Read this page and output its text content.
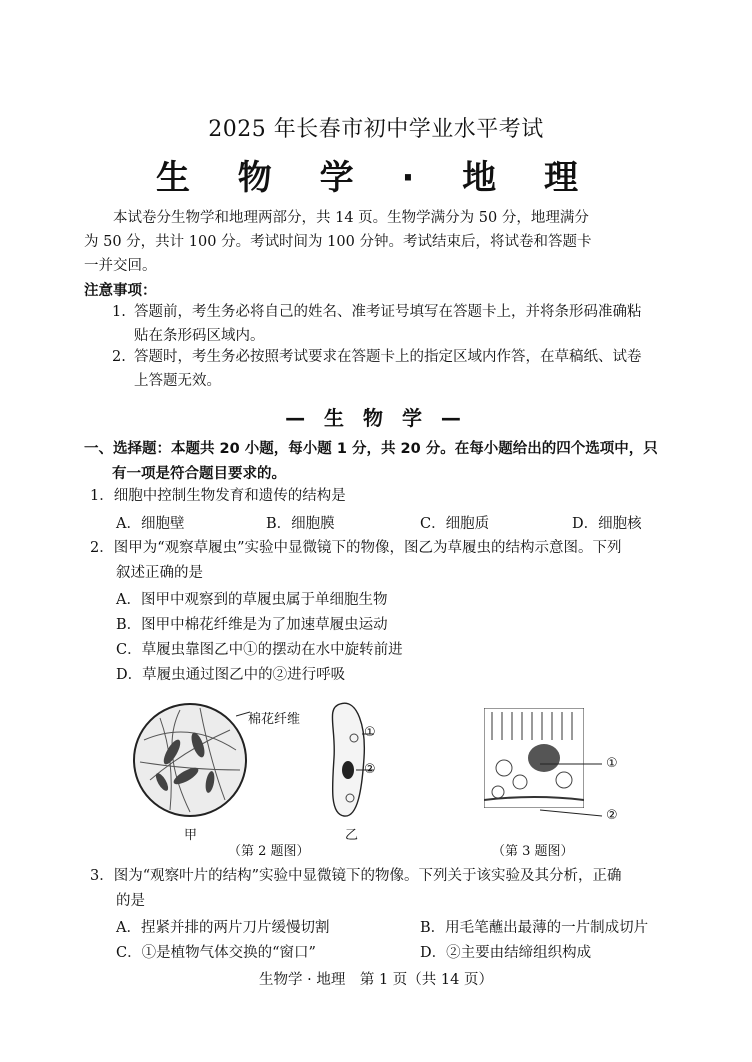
2025 年长春市初中学业水平考试
生 物 学 · 地 理

本试卷分生物学和地理两部分，共 14 页。生物学满分为 50 分，地理满分

为 50 分，共计 100 分。考试时间为 100 分钟。考试结束后，将试卷和答题卡

一并交回。

注意事项：
1. 答题前，考生务必将自己的姓名、准考证号填写在答题卡上，并将条形码准确粘
贴在条形码区域内。
2. 答题时，考生务必按照考试要求在答题卡上的指定区域内作答，在草稿纸、试卷
上答题无效。
— 生 物 学 —
一、选择题：本题共 20 小题，每小题 1 分，共 20 分。在每小题给出的四个选项中，只
有一项是符合题目要求的。
1．细胞中控制生物发育和遗传的结构是
A．细胞壁	B．细胞膜	C．细胞质	D．细胞核
2．图甲为“观察草履虫”实验中显微镜下的物像，图乙为草履虫的结构示意图。下列
叙述正确的是
A．图甲中观察到的草履虫属于单细胞生物
B．图甲中棉花纤维是为了加速草履虫运动
C．草履虫靠图乙中①的摆动在水中旋转前进
D．草履虫通过图乙中的②进行呼吸
棉花纤维
甲
①
②
乙
①
②
（第 2 题图）	（第 3 题图）
3．图为“观察叶片的结构”实验中显微镜下的物像。下列关于该实验及其分析，正确
的是
A．捏紧并排的两片刀片缓慢切割	B．用毛笔蘸出最薄的一片制成切片
C．①是植物气体交换的“窗口”	D．②主要由结缔组织构成
生物学 · 地理　第 1 页（共 14 页）
